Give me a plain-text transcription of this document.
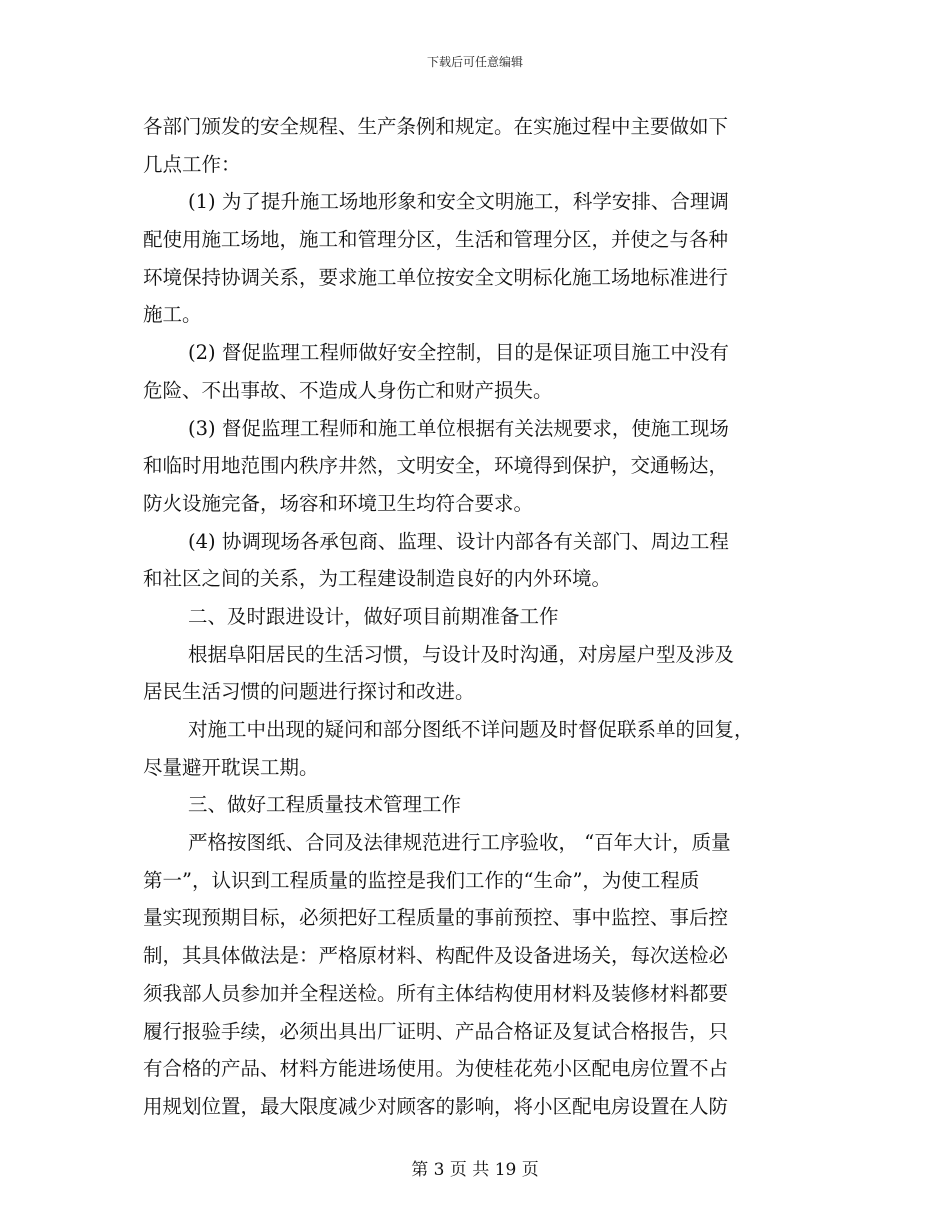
下载后可任意编辑
各部门颁发的安全规程、生产条例和规定。在实施过程中主要做如下
几点工作：
(1) 为了提升施工场地形象和安全文明施工，科学安排、合理调
配使用施工场地，施工和管理分区，生活和管理分区，并使之与各种
环境保持协调关系，要求施工单位按安全文明标化施工场地标准进行
施工。
(2) 督促监理工程师做好安全控制，目的是保证项目施工中没有
危险、不出事故、不造成人身伤亡和财产损失。
(3) 督促监理工程师和施工单位根据有关法规要求，使施工现场
和临时用地范围内秩序井然，文明安全，环境得到保护，交通畅达，
防火设施完备，场容和环境卫生均符合要求。
(4) 协调现场各承包商、监理、设计内部各有关部门、周边工程
和社区之间的关系，为工程建设制造良好的内外环境。
二、及时跟进设计，做好项目前期准备工作
根据阜阳居民的生活习惯，与设计及时沟通，对房屋户型及涉及
居民生活习惯的问题进行探讨和改进。
对施工中出现的疑问和部分图纸不详问题及时督促联系单的回复，
尽量避开耽误工期。
三、做好工程质量技术管理工作
严格按图纸、合同及法律规范进行工序验收， “百年大计，质量
第一”，认识到工程质量的监控是我们工作的“生命”，为使工程质
量实现预期目标，必须把好工程质量的事前预控、事中监控、事后控
制，其具体做法是：严格原材料、构配件及设备进场关，每次送检必
须我部人员参加并全程送检。所有主体结构使用材料及装修材料都要
履行报验手续，必须出具出厂证明、产品合格证及复试合格报告，只
有合格的产品、材料方能进场使用。为使桂花苑小区配电房位置不占
用规划位置，最大限度减少对顾客的影响，将小区配电房设置在人防
第 3 页 共 19 页
